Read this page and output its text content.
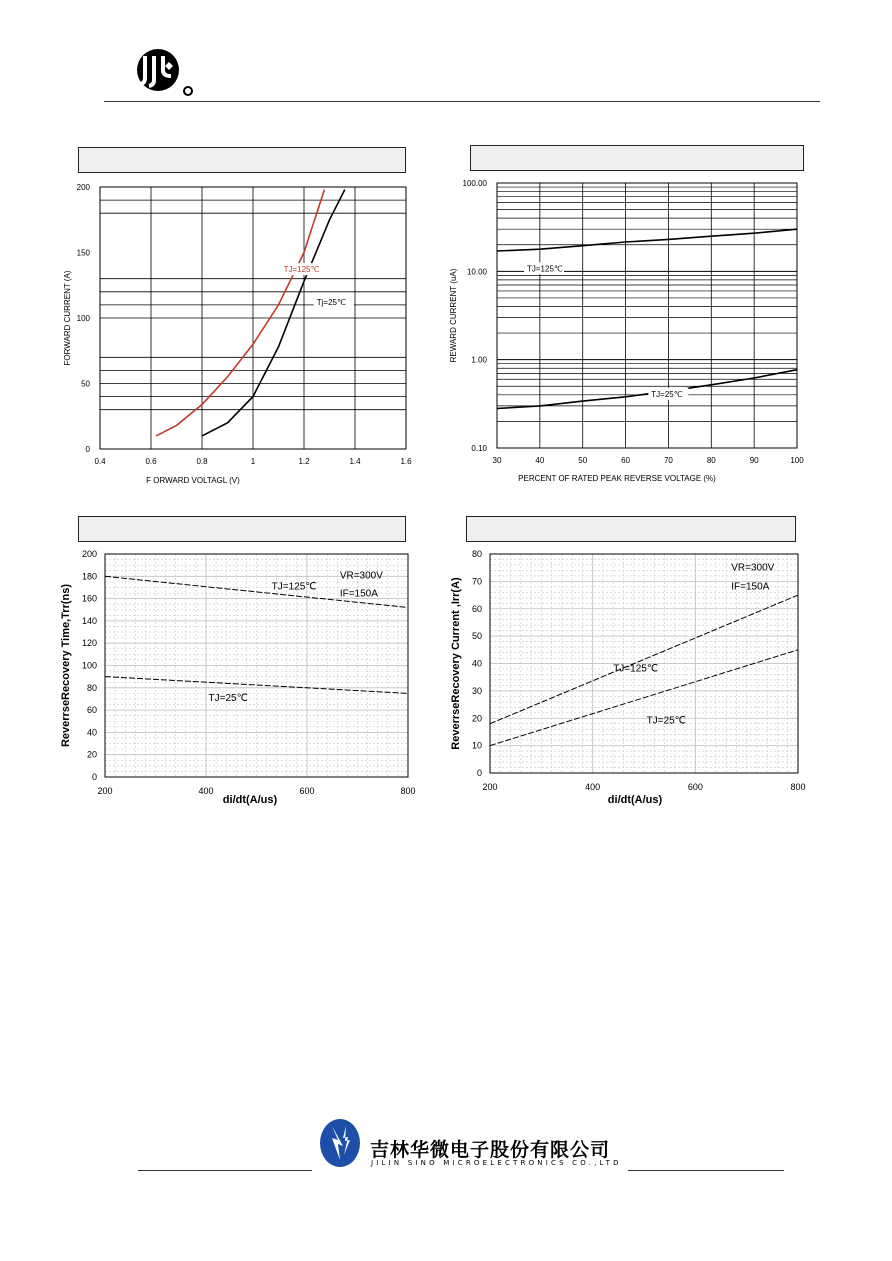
0.4	0.6	0.8	1	1.2	1.4	1.6
0
50
100
150
200
F ORWARD VOLTAGL (V)
FORWARD CURRENT (A)
TJ=125℃
Tj=25℃
30	40	50	60	70	80	90	100
0.10
1.00
10.00
100.00
PERCENT OF RATED PEAK REVERSE VOLTAGE (%)
REWARD CURRENT (uA)	TJ=125℃
TJ=25℃
200	400	600	800
0
20
40
60
80
100
120
140
160
180
200
di/dt(A/us)
ReverrseRecovery Time,Trr(ns)	TJ=125℃
TJ=25℃
VR=300V
IF=150A
200	400	600	800
0
10
20
30
40
50
60
70
80
di/dt(A/us)
ReverrseRecovery Current ,Irr(A)	TJ=125℃
TJ=25℃
VR=300V
IF=150A
吉林华微电子股份有限公司
JILIN SINO MICROELECTRONICS CO.,LTD
